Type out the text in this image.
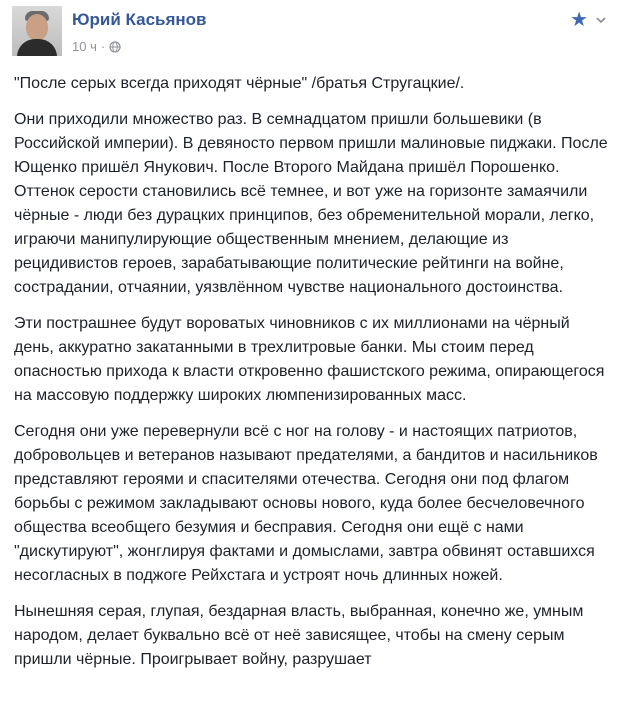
Юрий Касьянов
10 ч ·
★

"После серых всегда приходят чёрные" /братья Стругацкие/.

Они приходили множество раз. В семнадцатом пришли большевики (в Российской империи). В девяносто первом пришли малиновые пиджаки. После Ющенко пришёл Янукович. После Второго Майдана пришёл Порошенко. Оттенок серости становились всё темнее, и вот уже на горизонте замаячили чёрные - люди без дурацких принципов, без обременительной морали, легко, играючи манипулирующие общественным мнением, делающие из рецидивистов героев, зарабатывающие политические рейтинги на войне, сострадании, отчаянии, уязвлённом чувстве национального достоинства.

Эти пострашнее будут вороватых чиновников с их миллионами на чёрный день, аккуратно закатанными в трехлитровые банки. Мы стоим перед опасностью прихода к власти откровенно фашистского режима, опирающегося на массовую поддержку широких люмпенизированных масс.

Сегодня они уже перевернули всё с ног на голову - и настоящих патриотов, добровольцев и ветеранов называют предателями, а бандитов и насильников представляют героями и спасителями отечества. Сегодня они под флагом борьбы с режимом закладывают основы нового, куда более бесчеловечного общества всеобщего безумия и бесправия. Сегодня они ещё с нами "дискутируют", жонглируя фактами и домыслами, завтра обвинят оставшихся несогласных в поджоге Рейхстага и устроят ночь длинных ножей.

Нынешняя серая, глупая, бездарная власть, выбранная, конечно же, умным народом, делает буквально всё от неё зависящее, чтобы на смену серым пришли чёрные. Проигрывает войну, разрушает
